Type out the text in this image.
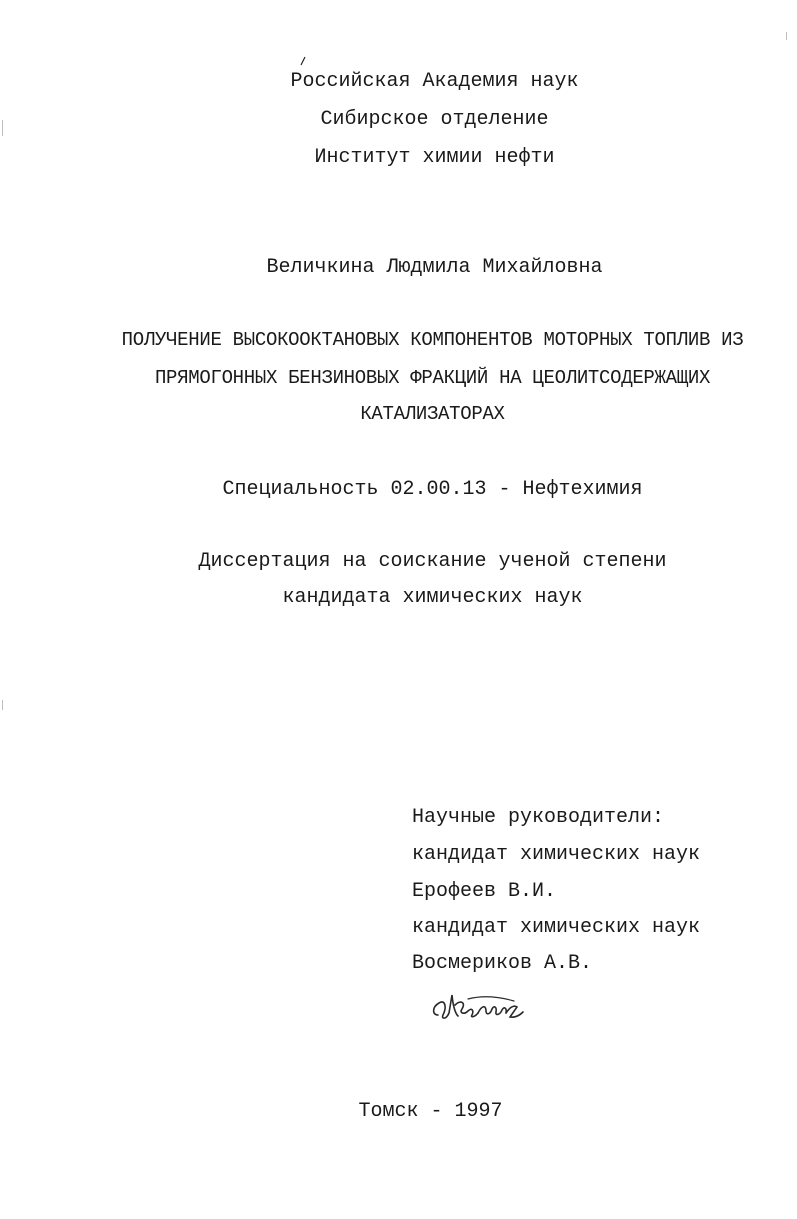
Российская Академия наук
Сибирское отделение
Институт химии нефти
Величкина Людмила Михайловна
ПОЛУЧЕНИЕ ВЫСОКООКТАНОВЫХ КОМПОНЕНТОВ МОТОРНЫХ ТОПЛИВ ИЗ
ПРЯМОГОННЫХ БЕНЗИНОВЫХ ФРАКЦИЙ НА ЦЕОЛИТСОДЕРЖАЩИХ
КАТАЛИЗАТОРАХ
Специальность 02.00.13 - Нефтехимия
Диссертация на соискание ученой степени
кандидата химических наук
Научные руководители:
кандидат химических наук
Ерофеев В.И.
кандидат химических наук
Восмериков А.В.
Томск - 1997
